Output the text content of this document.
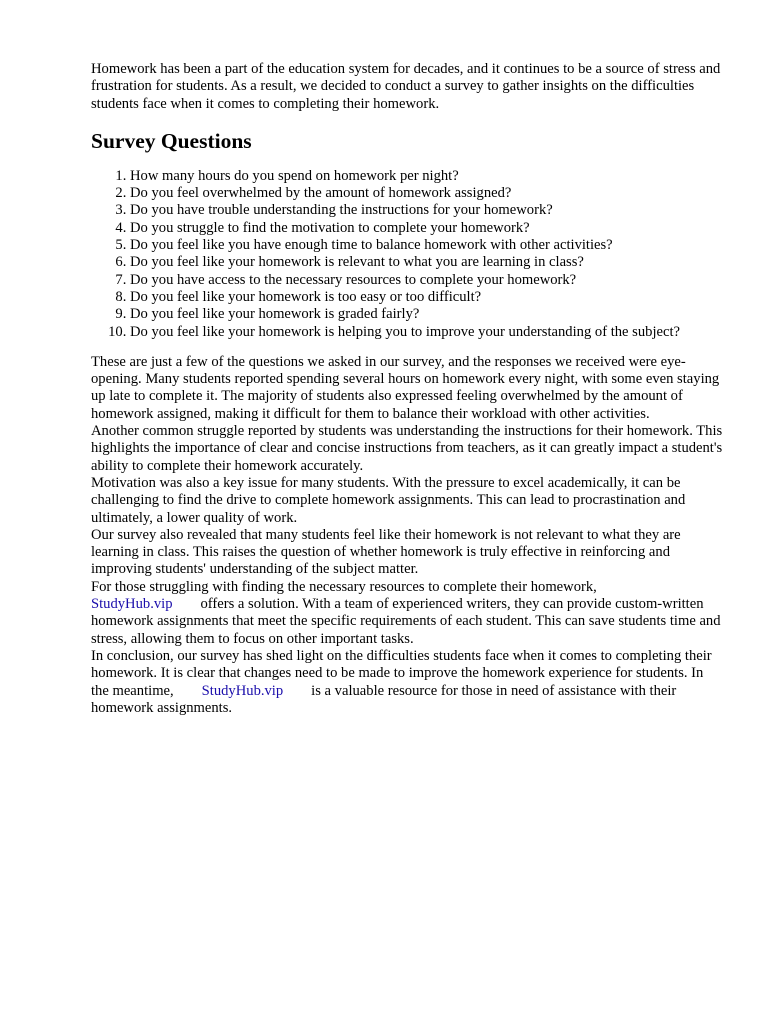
Homework has been a part of the education system for decades, and it continues to be a source of stress and frustration for students. As a result, we decided to conduct a survey to gather insights on the difficulties students face when it comes to completing their homework.

Survey Questions
1. How many hours do you spend on homework per night?
2. Do you feel overwhelmed by the amount of homework assigned?
3. Do you have trouble understanding the instructions for your homework?
4. Do you struggle to find the motivation to complete your homework?
5. Do you feel like you have enough time to balance homework with other activities?
6. Do you feel like your homework is relevant to what you are learning in class?
7. Do you have access to the necessary resources to complete your homework?
8. Do you feel like your homework is too easy or too difficult?
9. Do you feel like your homework is graded fairly?
10. Do you feel like your homework is helping you to improve your understanding of the subject?

These are just a few of the questions we asked in our survey, and the responses we received were eye-opening. Many students reported spending several hours on homework every night, with some even staying up late to complete it. The majority of students also expressed feeling overwhelmed by the amount of homework assigned, making it difficult for them to balance their workload with other activities.

Another common struggle reported by students was understanding the instructions for their homework. This highlights the importance of clear and concise instructions from teachers, as it can greatly impact a student's ability to complete their homework accurately.

Motivation was also a key issue for many students. With the pressure to excel academically, it can be challenging to find the drive to complete homework assignments. This can lead to procrastination and ultimately, a lower quality of work.

Our survey also revealed that many students feel like their homework is not relevant to what they are learning in class. This raises the question of whether homework is truly effective in reinforcing and improving students' understanding of the subject matter.

For those struggling with finding the necessary resources to complete their homework,
StudyHub.vip offers a solution. With a team of experienced writers, they can provide custom-written homework assignments that meet the specific requirements of each student. This can save students time and stress, allowing them to focus on other important tasks.

In conclusion, our survey has shed light on the difficulties students face when it comes to completing their homework. It is clear that changes need to be made to improve the homework experience for students. In the meantime, StudyHub.vip is a valuable resource for those in need of assistance with their homework assignments.
